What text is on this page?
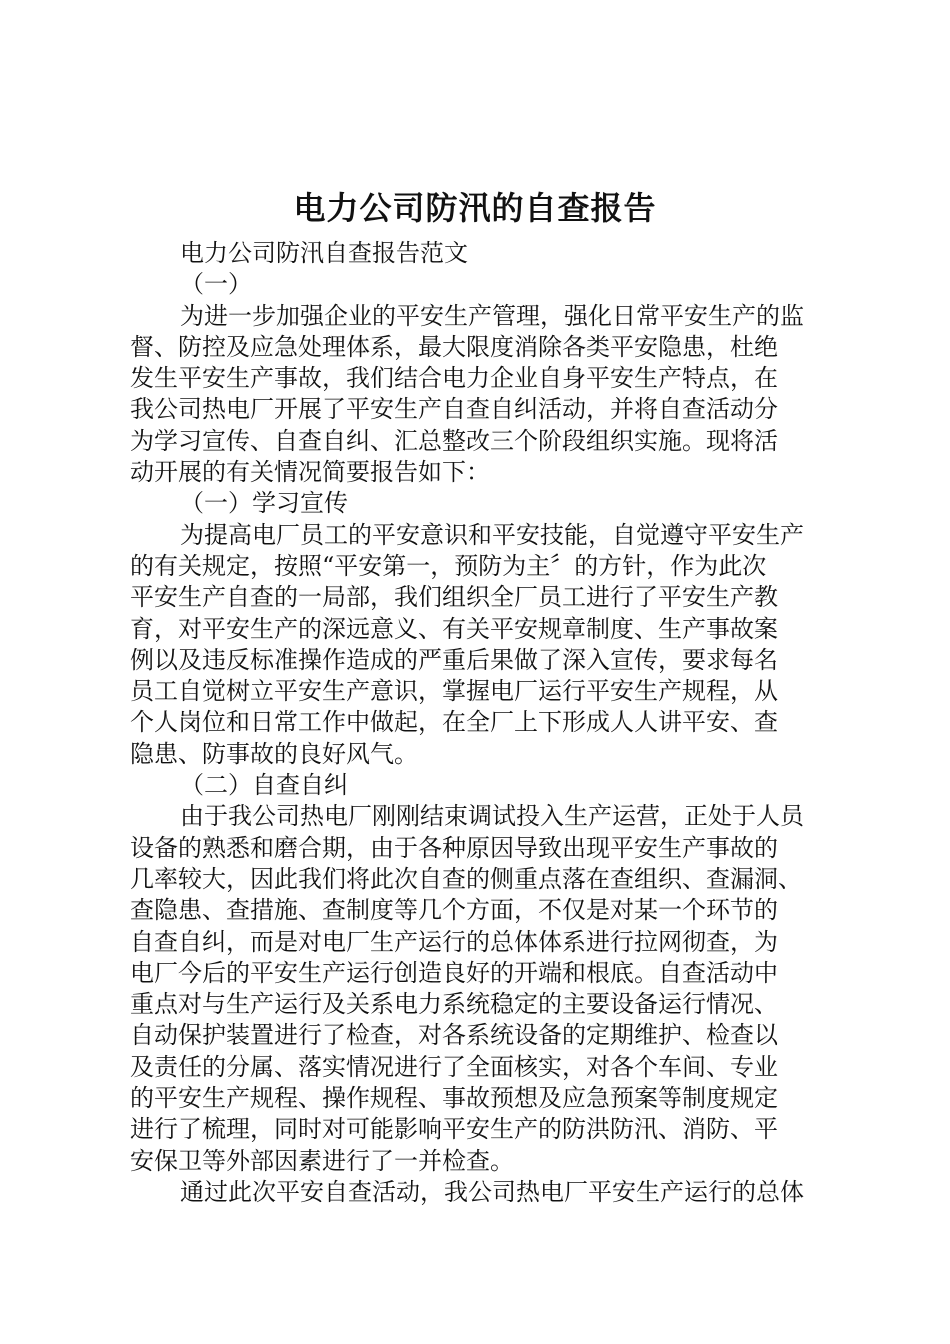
电力公司防汛的自查报告
电力公司防汛自查报告范文
（一）
为进一步加强企业的平安生产管理，强化日常平安生产的监
督、防控及应急处理体系，最大限度消除各类平安隐患，杜绝
发生平安生产事故，我们结合电力企业自身平安生产特点，在
我公司热电厂开展了平安生产自查自纠活动，并将自查活动分
为学习宣传、自查自纠、汇总整改三个阶段组织实施。现将活
动开展的有关情况简要报告如下：
（一）学习宣传
为提高电厂员工的平安意识和平安技能，自觉遵守平安生产
的有关规定，按照“平安第一，预防为主〞的方针，作为此次
平安生产自查的一局部，我们组织全厂员工进行了平安生产教
育，对平安生产的深远意义、有关平安规章制度、生产事故案
例以及违反标准操作造成的严重后果做了深入宣传，要求每名
员工自觉树立平安生产意识，掌握电厂运行平安生产规程，从
个人岗位和日常工作中做起，在全厂上下形成人人讲平安、查
隐患、防事故的良好风气。
（二）自查自纠
由于我公司热电厂刚刚结束调试投入生产运营，正处于人员
设备的熟悉和磨合期，由于各种原因导致出现平安生产事故的
几率较大，因此我们将此次自查的侧重点落在查组织、查漏洞、
查隐患、查措施、查制度等几个方面，不仅是对某一个环节的
自查自纠，而是对电厂生产运行的总体体系进行拉网彻查，为
电厂今后的平安生产运行创造良好的开端和根底。自查活动中
重点对与生产运行及关系电力系统稳定的主要设备运行情况、
自动保护装置进行了检查，对各系统设备的定期维护、检查以
及责任的分属、落实情况进行了全面核实，对各个车间、专业
的平安生产规程、操作规程、事故预想及应急预案等制度规定
进行了梳理，同时对可能影响平安生产的防洪防汛、消防、平
安保卫等外部因素进行了一并检查。
通过此次平安自查活动，我公司热电厂平安生产运行的总体
